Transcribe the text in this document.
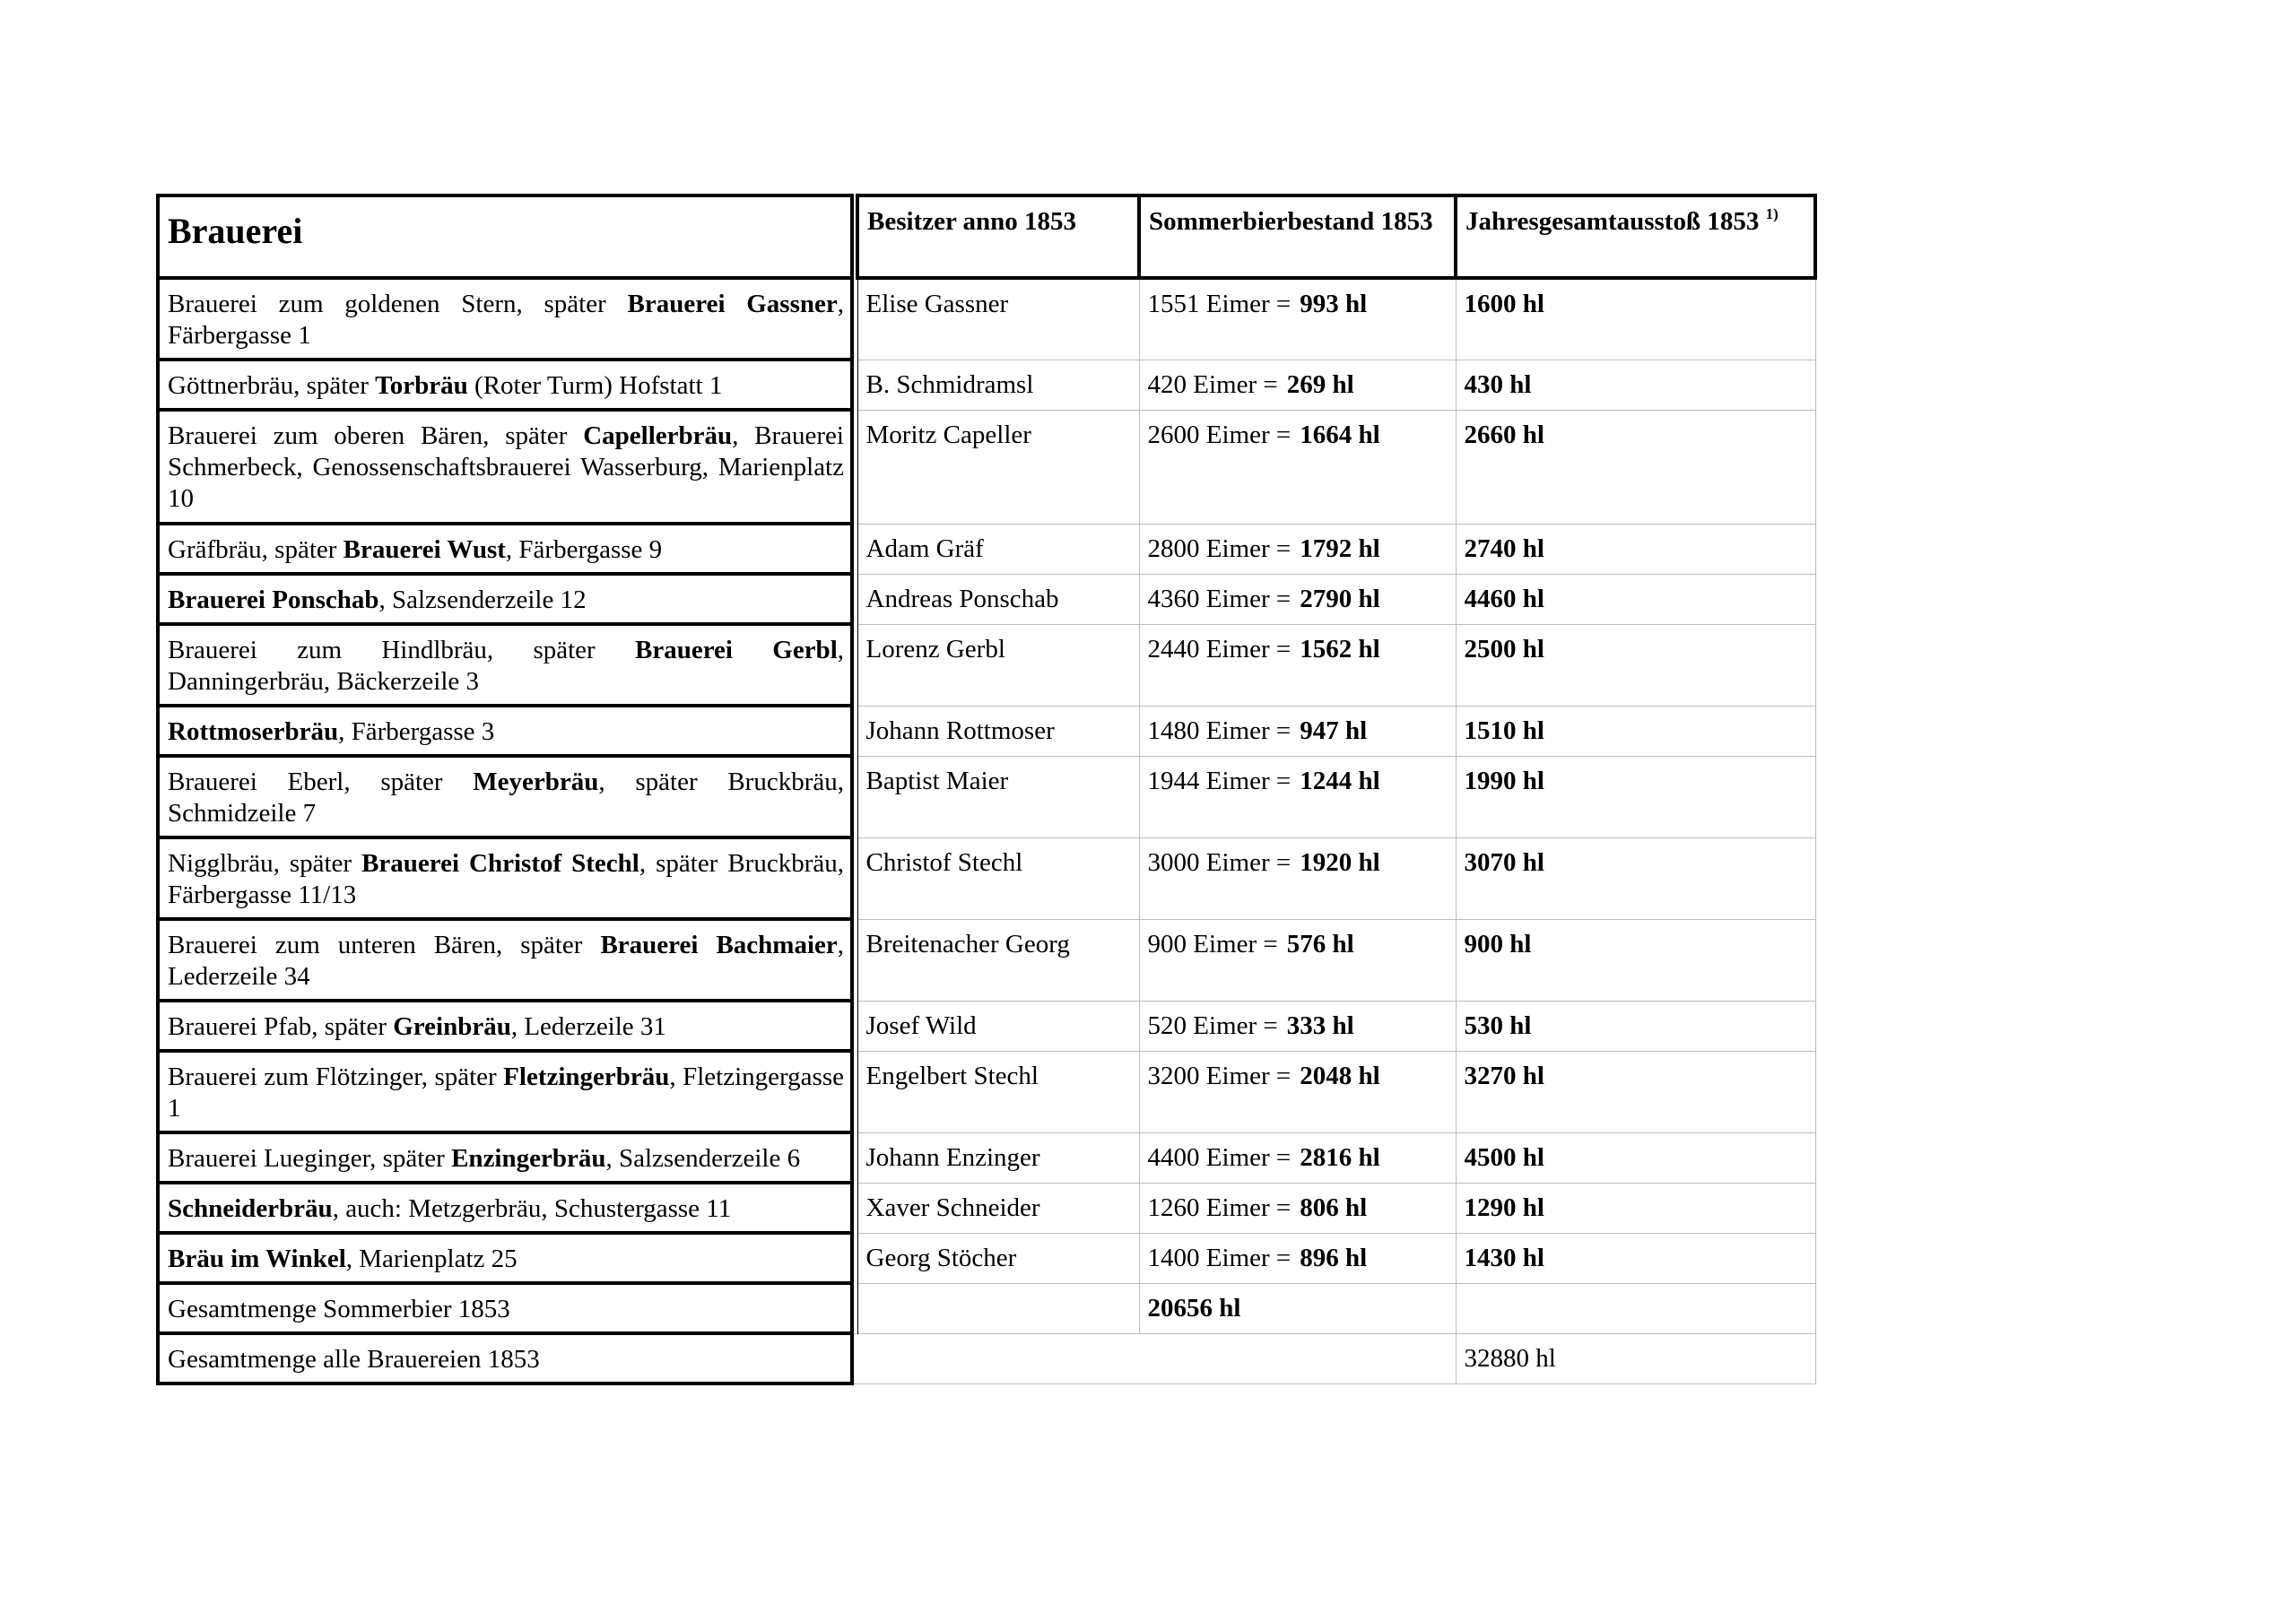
Brauerei		Besitzer anno 1853	Sommerbierbestand 1853	Jahresgesamtausstoß 1853 $^{1)}$
Brauerei zum goldenen Stern, später Brauerei Gassner, Färbergasse 1		Elise Gassner	1551 Eimer = 993 hl	1600 hl
Göttnerbräu, später Torbräu (Roter Turm) Hofstatt 1		B. Schmidramsl	420 Eimer = 269 hl	430 hl
Brauerei zum oberen Bären, später Capellerbräu, Brauerei Schmerbeck, Genossenschaftsbrauerei Wasserburg, Marienplatz 10		Moritz Capeller	2600 Eimer = 1664 hl	2660 hl
Gräfbräu, später Brauerei Wust, Färbergasse 9		Adam Gräf	2800 Eimer = 1792 hl	2740 hl
Brauerei Ponschab, Salzsenderzeile 12		Andreas Ponschab	4360 Eimer = 2790 hl	4460 hl
Brauerei zum Hindlbräu, später Brauerei Gerbl, Danningerbräu, Bäckerzeile 3		Lorenz Gerbl	2440 Eimer = 1562 hl	2500 hl
Rottmoserbräu, Färbergasse 3		Johann Rottmoser	1480 Eimer = 947 hl	1510 hl
Brauerei Eberl, später Meyerbräu, später Bruckbräu, Schmidzeile 7		Baptist Maier	1944 Eimer = 1244 hl	1990 hl
Nigglbräu, später Brauerei Christof Stechl, später Bruckbräu, Färbergasse 11/13		Christof Stechl	3000 Eimer = 1920 hl	3070 hl
Brauerei zum unteren Bären, später Brauerei Bachmaier, Lederzeile 34		Breitenacher Georg	900 Eimer = 576 hl	900 hl
Brauerei Pfab, später Greinbräu, Lederzeile 31		Josef Wild	520 Eimer = 333 hl	530 hl
Brauerei zum Flötzinger, später Fletzingerbräu, Fletzingergasse 1		Engelbert Stechl	3200 Eimer = 2048 hl	3270 hl
Brauerei Lueginger, später Enzingerbräu, Salzsenderzeile 6		Johann Enzinger	4400 Eimer = 2816 hl	4500 hl
Schneiderbräu, auch: Metzgerbräu, Schustergasse 11		Xaver Schneider	1260 Eimer = 806 hl	1290 hl
Bräu im Winkel, Marienplatz 25		Georg Stöcher	1400 Eimer = 896 hl	1430 hl
Gesamtmenge Sommerbier 1853			20656 hl	
Gesamtmenge alle Brauereien 1853				32880 hl
